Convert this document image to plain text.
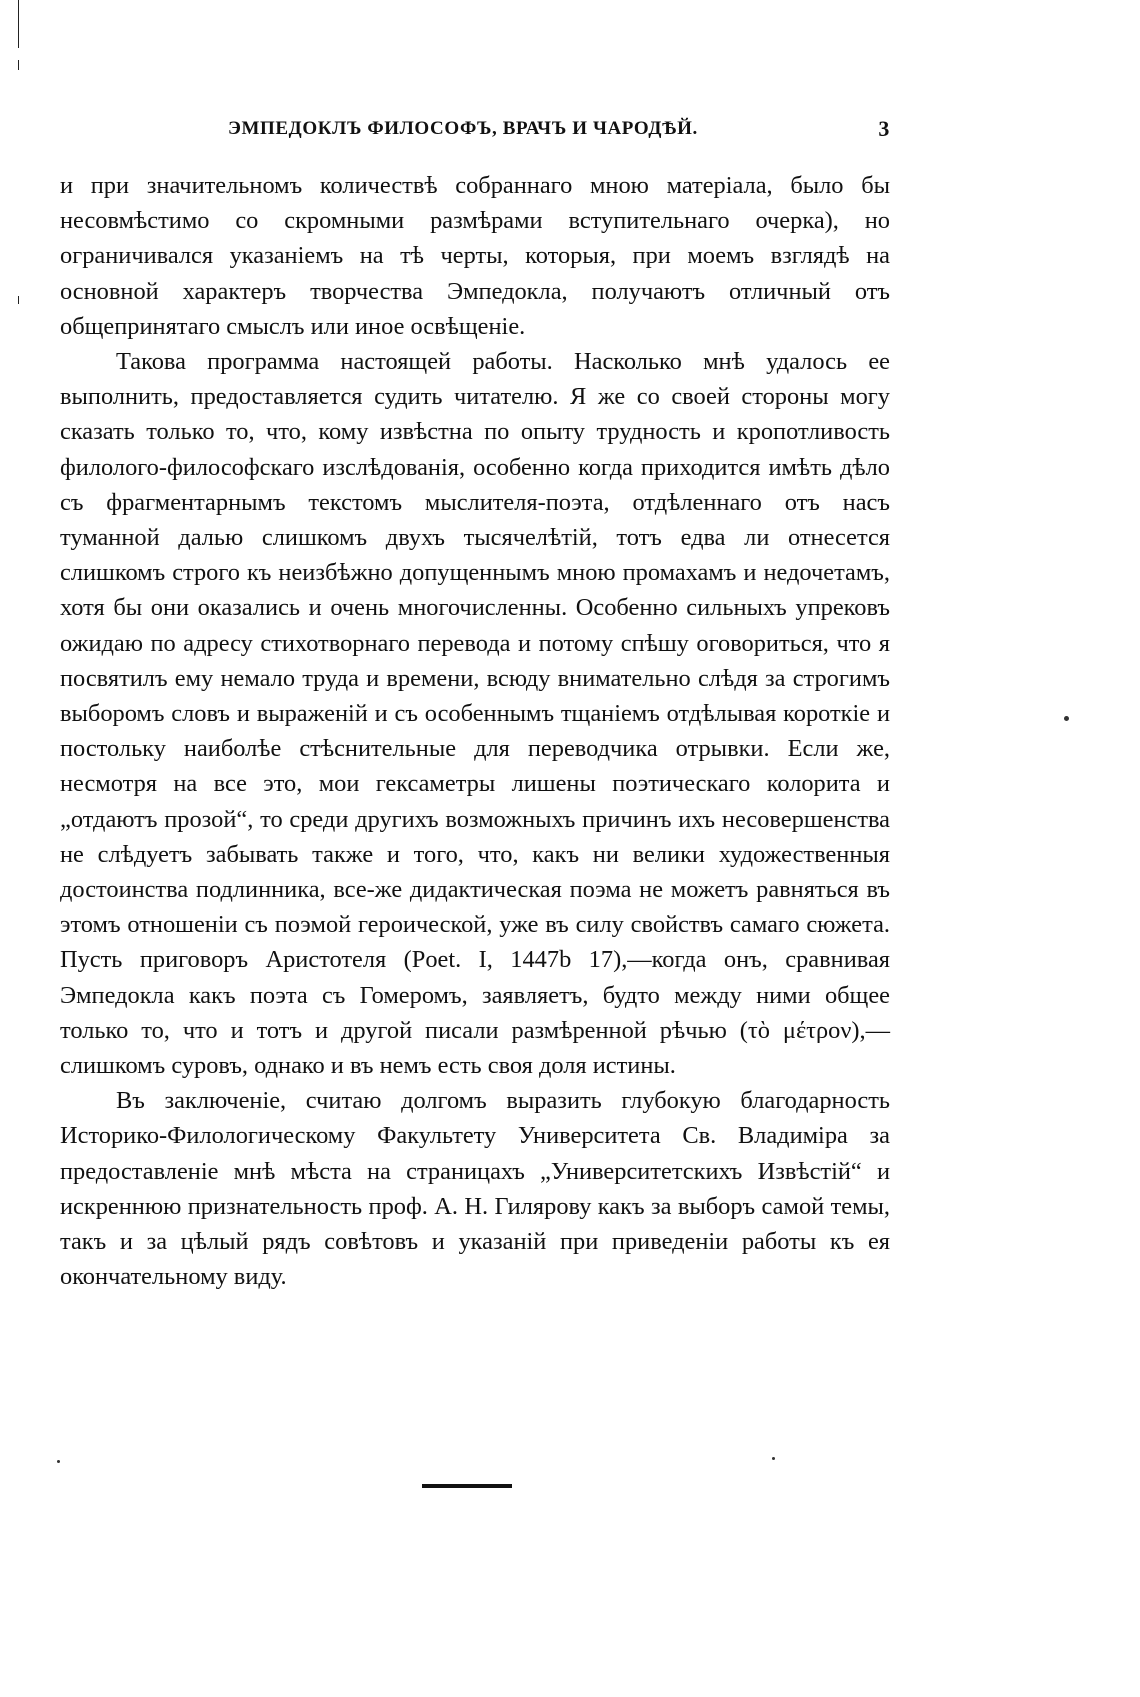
ЭМПЕДОКЛЪ ФИЛОСОФЪ, ВРАЧЪ И ЧАРОДѢЙ.	3

и при значительномъ количествѣ собраннаго мною матеріала, было бы несовмѣстимо со скромными размѣрами вступительнаго очерка), но ограничивался указаніемъ на тѣ черты, которыя, при моемъ взглядѣ на основной характеръ творчества Эмпедокла, получаютъ отличный отъ общепринятаго смыслъ или иное освѣщеніе.

Такова программа настоящей работы. Насколько мнѣ удалось ее выполнить, предоставляется судить читателю. Я же со своей стороны могу сказать только то, что, кому извѣстна по опыту трудность и кропотливость филолого-философскаго изслѣдованія, особенно когда приходится имѣть дѣло съ фрагментарнымъ текстомъ мыслителя-поэта, отдѣленнаго отъ насъ туманной далью слишкомъ двухъ тысячелѣтій, тотъ едва ли отнесется слишкомъ строго къ неизбѣжно допущеннымъ мною промахамъ и недочетамъ, хотя бы они оказались и очень многочисленны. Особенно сильныхъ упрековъ ожидаю по адресу стихотворнаго перевода и потому спѣшу оговориться, что я посвятилъ ему немало труда и времени, всюду внимательно слѣдя за строгимъ выборомъ словъ и выраженій и съ особеннымъ тщаніемъ отдѣлывая короткіе и постольку наиболѣе стѣснительные для переводчика отрывки. Если же, несмотря на все это, мои гексаметры лишены поэтическаго колорита и „отдаютъ прозой“, то среди другихъ возможныхъ причинъ ихъ несовершенства не слѣдуетъ забывать также и того, что, какъ ни велики художественныя достоинства подлинника, все-же дидактическая поэма не можетъ равняться въ этомъ отношеніи съ поэмой героической, уже въ силу свойствъ самаго сюжета. Пусть приговоръ Аристотеля (Poet. I, 1447b 17),—когда онъ, сравнивая Эмпедокла какъ поэта съ Гомеромъ, заявляетъ, будто между ними общее только то, что и тотъ и другой писали размѣренной рѣчью (τὸ μέτρον),—слишкомъ суровъ, однако и въ немъ есть своя доля истины.

Въ заключеніе, считаю долгомъ выразить глубокую благодарность Историко-Филологическому Факультету Университета Св. Владиміра за предоставленіе мнѣ мѣста на страницахъ „Университетскихъ Извѣстій“ и искреннюю признательность проф. А. Н. Гилярову какъ за выборъ самой темы, такъ и за цѣлый рядъ совѣтовъ и указаній при приведеніи работы къ ея окончательному виду.
